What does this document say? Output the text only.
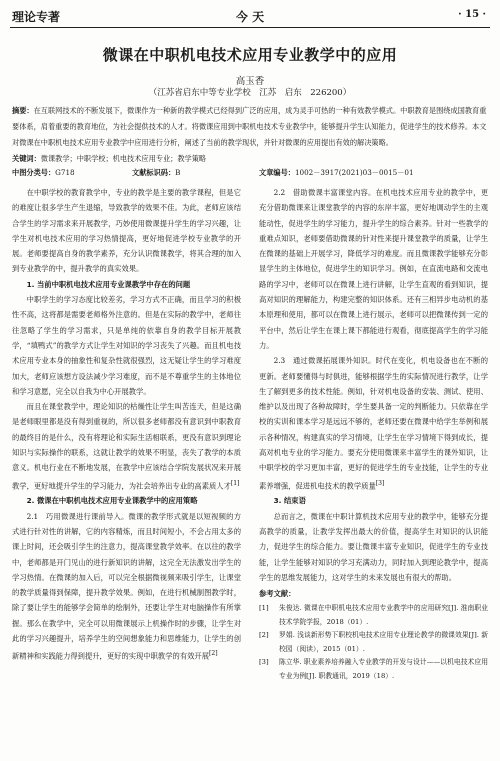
理论专著	今 天	· 15 ·
微课在中职机电技术应用专业教学中的应用
高玉香
（江苏省启东中等专业学校　江苏　启东　226200）
摘要：在互联网技术的不断发展下，微课作为一种新的教学模式已经得到广泛的应用，成为灵手可热的一种有效教学模式。中职教育是围绕成国教育重要体系，肩着重要的教育地位，为社会提供技术的人才。将微课应用到中职机电技术专业教学中，能够提升学生认知能力，促进学生的技术修养。本文对微课在中职机电技术应用专业教学中应用进行分析，阐述了当前的教学现状，并针对微课的应用提出有效的解决策略。
关键词：微课教学；中职学校；机电技术应用专业；教学策略
中图分类号： G718	文献标识码： B	文章编号： 1002－3917(2021)03－0015－01

在中职学校的教育教学中，专业的教学是主要的教学课程，但是它的难度让很多学生产生退缩，导致教学的效果不佳。为此，老师应该结合学生的学习需求来开展教学，巧妙使用微课提升学生的学习兴趣，让学生对机电技术应用的学习热情提高，更好地促进学校专业教学的开展。老师要提高自身的教学素养，充分认识微课教学，将其合理的加入到专业教学的中，提升教学的真实效果。

1. 当前中职机电技术应用专业课教学中存在的问题

中职学生的学习态度比较差劣，学习方式不正确，而且学习的积极性不高，这将都是需要老师格外注意的。但是在实际的教学中，老师往往忽略了学生的学习需求，只是单纯的依靠自身的教学目标开展教学，“填鸭式”的教学方式让学生对知识的学习丧失了兴趣。而且机电技术应用专业本身的抽象性和复杂性就很强烈，这无疑让学生的学习难度加大，老师应该想方设法减少学习难度，而不是不尊重学生的主体地位和学习意愿，完全以自我为中心开展教学。

而且在课堂教学中，理论知识的枯燥性让学生叫苦连天，但是这确是老师眼里都是没有得到重视的，所以很多老师都没有意识到中职教育的最终目的是什么，没有将理论和实际生活相联系，更没有意识到理论知识与实际操作的联系，这就让教学的效果不明显，丧失了教学的本质意义。机电行业在不断地发展，在教学中应该结合学院发展状况来开展教学，更好地提升学生的学习能力，为社会培养出专业的高素质人才[1]

2. 微课在中职机电技术应用专业课教学中的应用策略

2.1　巧用微课进行课前导入。微课的教学形式就是以短视频的方式进行针对性的讲解，它的内容精炼，而且时间短小，不会占用太多的课上时间，还会吸引学生的注意力，提高课堂教学效率。在以往的教学中，老师都是开门见山的进行新知识的讲解，这完全无法激发出学生的学习热情。在微课的加入后，可以完全根据微视频来吸引学生，让课堂的教学质量得到保障，提升教学效果。例如，在进行机械制图教学时，除了要让学生的能够学会简单的绘制外，还要让学生对电脑操作有所掌握。那么在教学中，完全可以用微课展示上机操作时的步骤，让学生对此的学习兴趣提升，培养学生的空间想象能力和思维能力，让学生的创新精神和实践能力得到提升，更好的实现中职教学的有效开展[2]

2.2　借助微课丰富课堂内容。在机电技术应用专业的教学中，更充分借助微课来让课堂教学的内容的东岸丰富，更好地调动学生的主观能动性，促进学生的学习能力，提升学生的综合素养。针对一些教学的重难点知识，老师要借助微课的针对性来提升课堂教学的质量，让学生在微课的基础上开展学习，降低学习的难度。而且微课教学能够充分彰显学生的主体地位，促进学生的知识学习。例如，在直流电路和交流电路的学习中，老师可以在微课上进行讲解，让学生直观的看到知识，提高对知识的理解能力，构建完整的知识体系。还有三相异步电动机的基本原理和使用，都可以在微课上进行展示，老师可以把微课传到一定的平台中，然后让学生在课上课下都能进行观看，彻底提高学生的学习能力。

2.3　通过微课拓展课外知识。时代在变化，机电设备也在不断的更新。老师要懂得与时俱进，能够根据学生的实际情况进行教学，让学生了解到更多的技术性能。例如，针对机电设备的安装、测试、使用、维护以及出现了各种故障时，学生要具备一定的判断能力。只依靠在学校的实训和课本学习是远远不够的，老师还要在微课中给学生举例和展示各种情况，构建真实的学习情境，让学生在学习情境下得到成长，提高对机电专业的学习能力。要充分使用微课来丰富学生的课外知识，让中职学校的学习更加丰富，更好的促进学生的专业技能，让学生的专业素养增强，促进机电技术的教学质量[3]

3. 结束语

总而言之，微课在中职计算机技术应用专业的教学中，能够充分提高教学的质量，让教学发挥出最大的价值，提高学生对知识的认识能力，促进学生的综合能力。要让微课丰富专业知识，促进学生的专业技能，让学生能够对知识的学习充满动力，同时加入到理论教学中，提高学生的思维发展能力，这对学生的未来发展也有很大的帮助。

参考文献：
[1]	朱俊达. 微课在中职机电技术应用专业教学中的应用研究[J]. 淮南职业技术学院学报，2018（01）.
[2]	罗娟. 浅谈新形势下职校机电技术应用专业理论教学的微课效果[J]. 新校园（阅读），2015（01）.
[3]	陈立华. 职业素养培养融入专业教学的开发与设计——以机电技术应用专业为例[J]. 职教通讯，2019（18）.
